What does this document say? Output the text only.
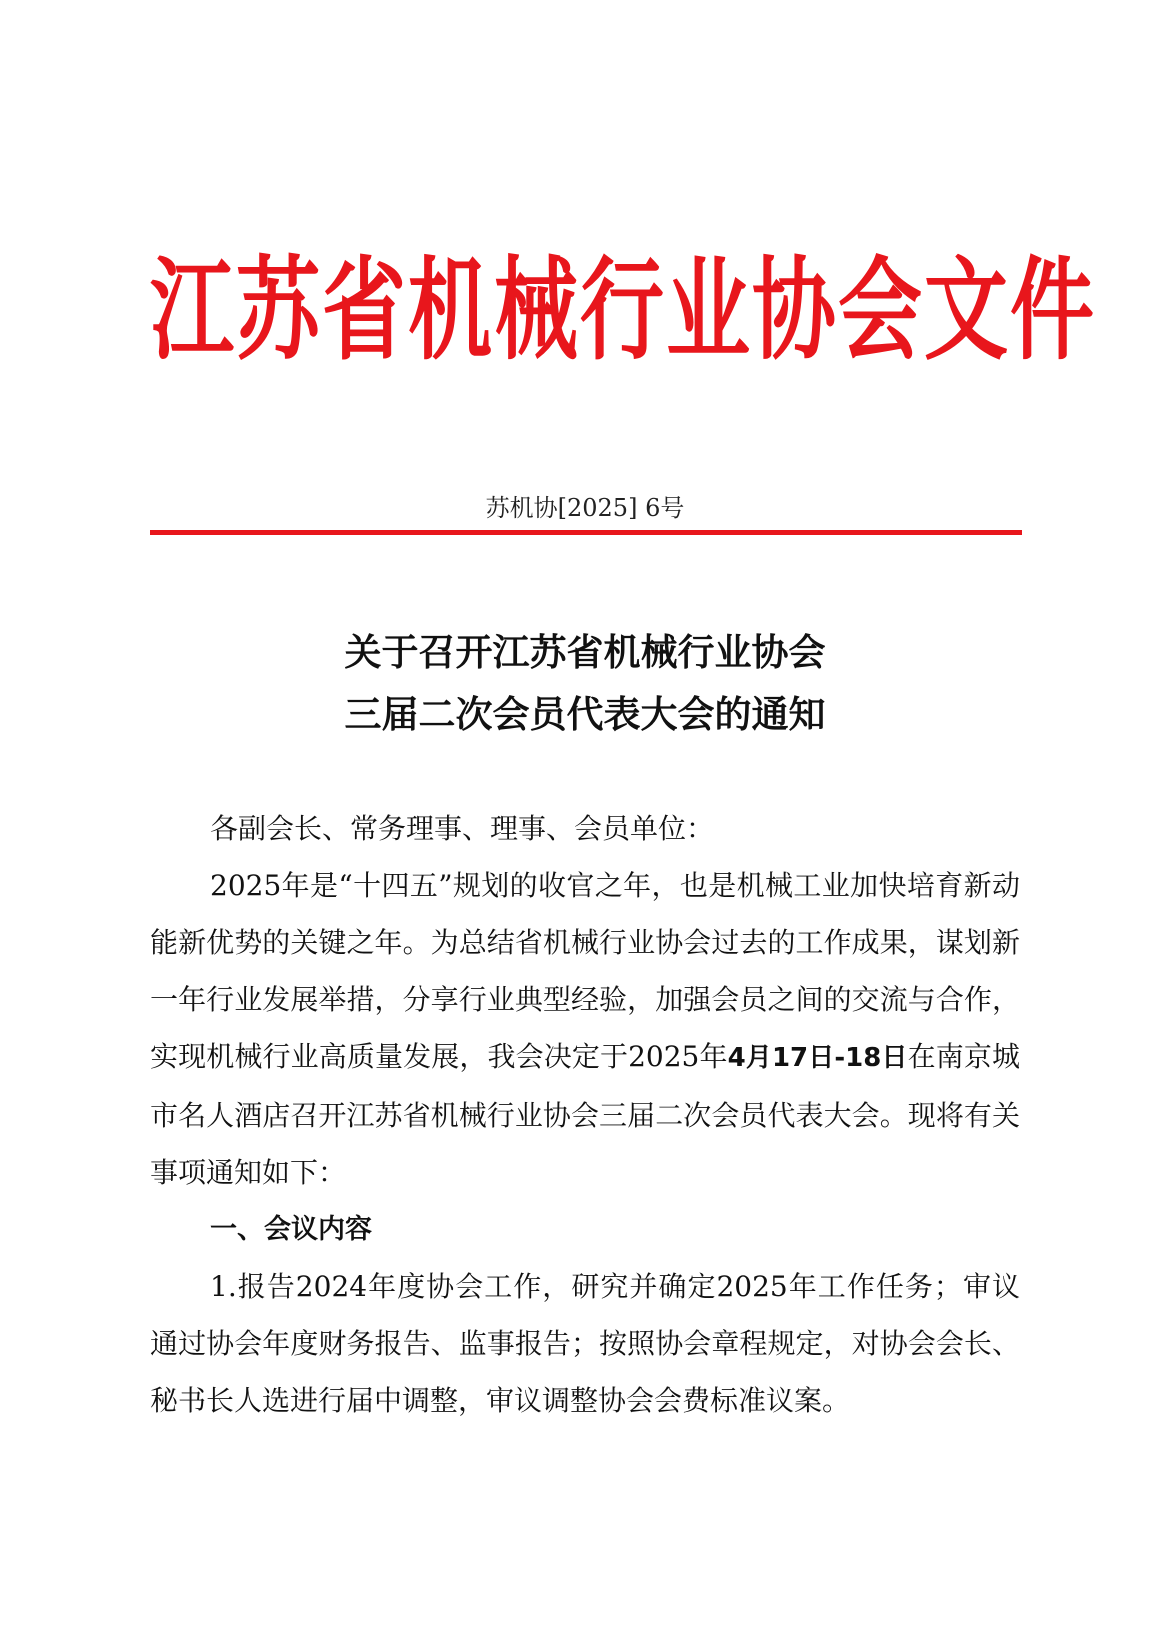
江苏省机械行业协会文件
苏机协[2025] 6号
关于召开江苏省机械行业协会
三届二次会员代表大会的通知

各副会长、常务理事、理事、会员单位：

2025年是“十四五”规划的收官之年，也是机械工业加快培育新动能新优势的关键之年。为总结省机械行业协会过去的工作成果，谋划新一年行业发展举措，分享行业典型经验，加强会员之间的交流与合作，实现机械行业高质量发展，我会决定于2025年4月17日-18日在南京城市名人酒店召开江苏省机械行业协会三届二次会员代表大会。现将有关事项通知如下：

一、会议内容

1.报告2024年度协会工作，研究并确定2025年工作任务；审议通过协会年度财务报告、监事报告；按照协会章程规定，对协会会长、秘书长人选进行届中调整，审议调整协会会费标准议案。
